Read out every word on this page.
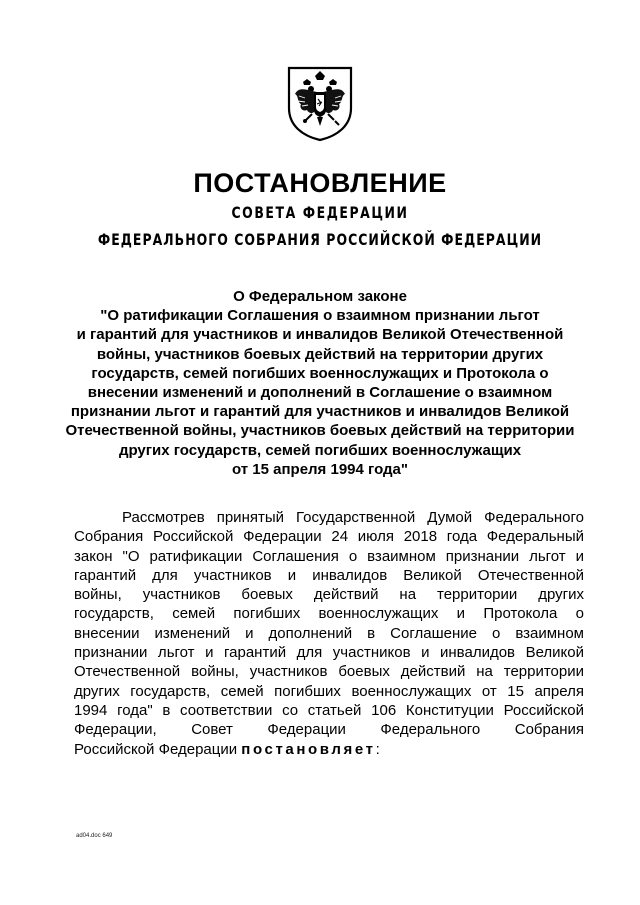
ПОСТАНОВЛЕНИЕ
СОВЕТА ФЕДЕРАЦИИ
ФЕДЕРАЛЬНОГО СОБРАНИЯ РОССИЙСКОЙ ФЕДЕРАЦИИ
О Федеральном законе
"О ратификации Соглашения о взаимном признании льгот
и гарантий для участников и инвалидов Великой Отечественной
войны, участников боевых действий на территории других
государств, семей погибших военнослужащих и Протокола о
внесении изменений и дополнений в Соглашение о взаимном
признании льгот и гарантий для участников и инвалидов Великой
Отечественной войны, участников боевых действий на территории
других государств, семей погибших военнослужащих
от 15 апреля 1994 года"
Рассмотрев принятый Государственной Думой Федерального
Собрания Российской Федерации 24 июля 2018 года Федеральный
закон "О ратификации Соглашения о взаимном признании льгот и
гарантий для участников и инвалидов Великой Отечественной
войны, участников боевых действий на территории других
государств, семей погибших военнослужащих и Протокола о
внесении изменений и дополнений в Соглашение о взаимном
признании льгот и гарантий для участников и инвалидов Великой
Отечественной войны, участников боевых действий на территории
других государств, семей погибших военнослужащих от 15 апреля
1994 года" в соответствии со статьей 106 Конституции Российской
Федерации, Совет Федерации Федерального Собрания
Российской Федерации постановляет:
ad04.doc 649
